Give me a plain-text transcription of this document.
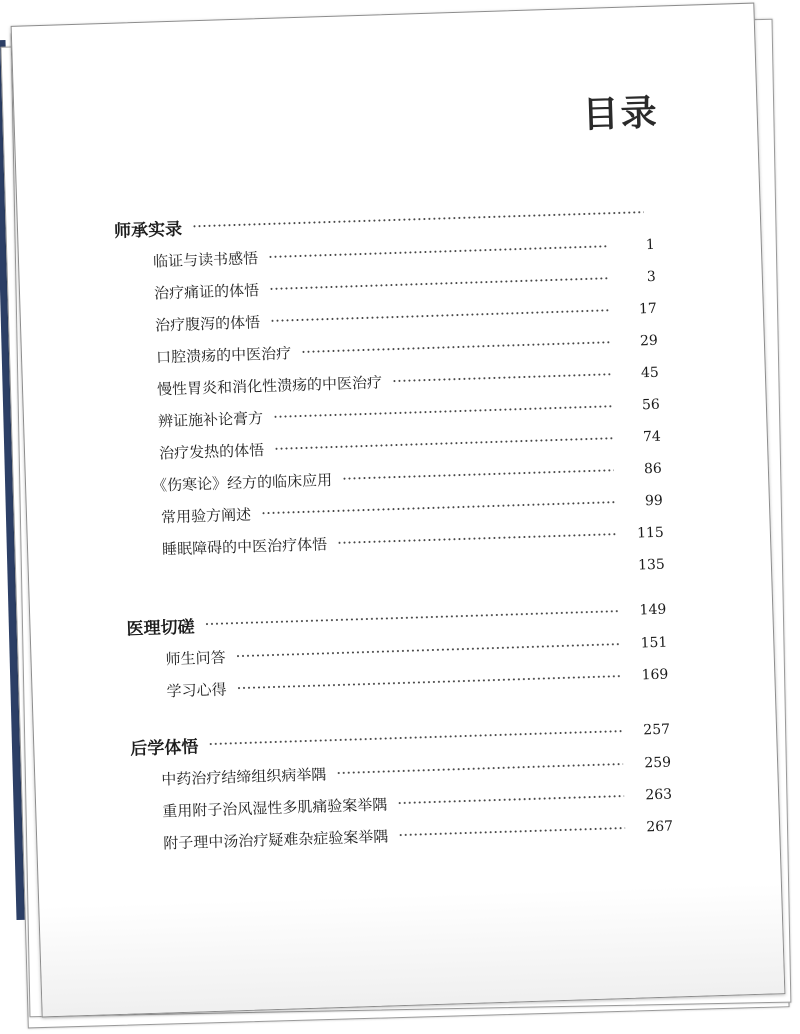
目录
师承实录
临证与读书感悟
1
治疗痛证的体悟
3
治疗腹泻的体悟
17
口腔溃疡的中医治疗
29
慢性胃炎和消化性溃疡的中医治疗	45
辨证施补论膏方
56
治疗发热的体悟
74
《伤寒论》经方的临床应用
86
常用验方阐述
99
睡眠障碍的中医治疗体悟
115
135
医理切磋
149
师生问答
151
学习心得
169
后学体悟
257
中药治疗结缔组织病举隅
259
重用附子治风湿性多肌痛验案举隅
263
附子理中汤治疗疑难杂症验案举隅
267
